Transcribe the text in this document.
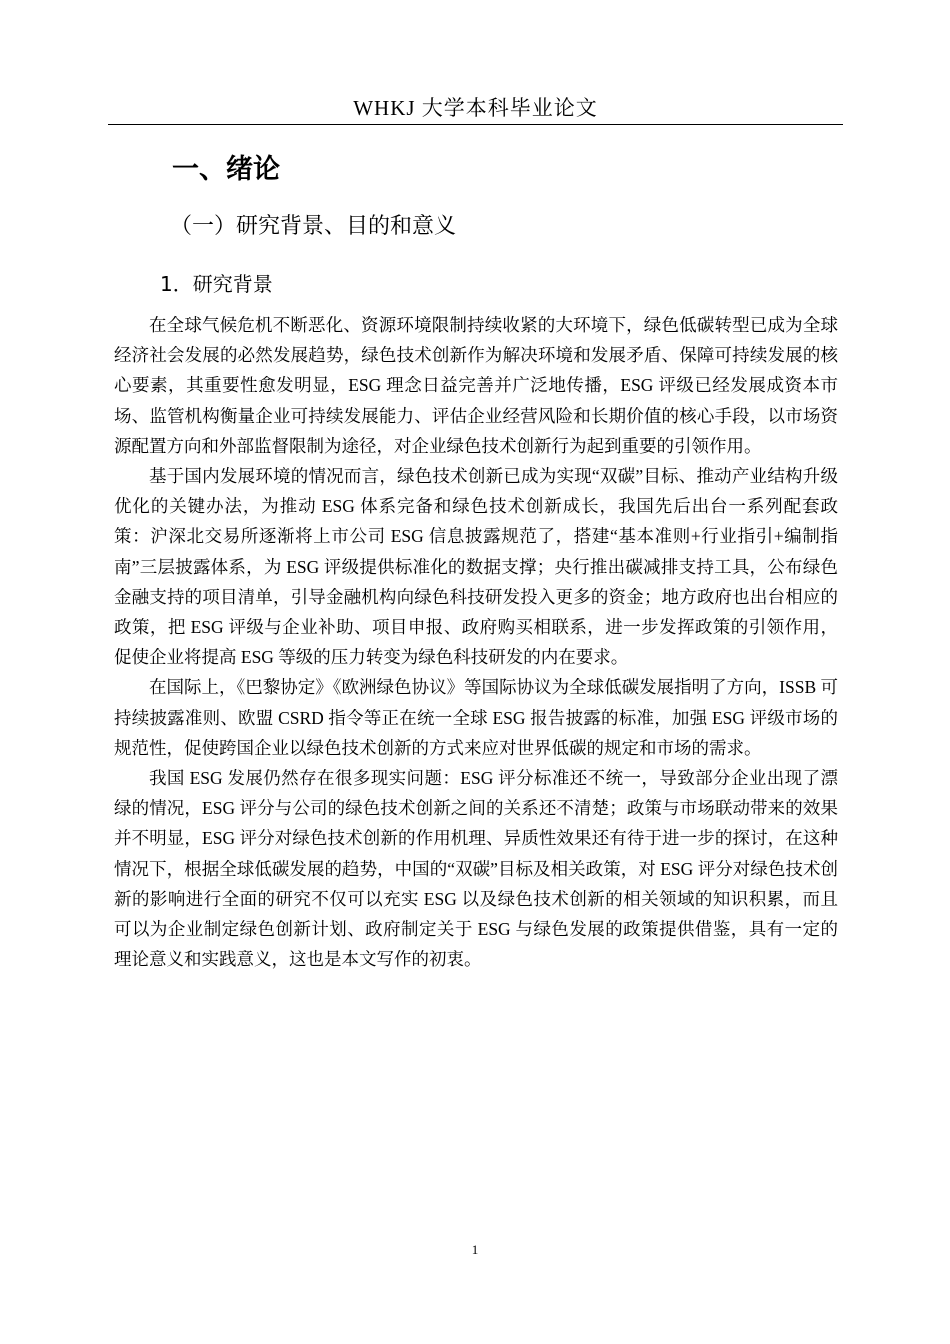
WHKJ 大学本科毕业论文
一、绪论
（一）研究背景、目的和意义
1．研究背景

在全球气候危机不断恶化、资源环境限制持续收紧的大环境下，绿色低碳转型已成为全球经济社会发展的必然发展趋势，绿色技术创新作为解决环境和发展矛盾、保障可持续发展的核心要素，其重要性愈发明显，ESG 理念日益完善并广泛地传播，ESG 评级已经发展成资本市场、监管机构衡量企业可持续发展能力、评估企业经营风险和长期价值的核心手段，以市场资源配置方向和外部监督限制为途径，对企业绿色技术创新行为起到重要的引领作用。

基于国内发展环境的情况而言，绿色技术创新已成为实现“双碳”目标、推动产业结构升级优化的关键办法，为推动 ESG 体系完备和绿色技术创新成长，我国先后出台一系列配套政策：沪深北交易所逐渐将上市公司 ESG 信息披露规范了，搭建“基本准则+行业指引+编制指南”三层披露体系，为 ESG 评级提供标准化的数据支撑；央行推出碳减排支持工具，公布绿色金融支持的项目清单，引导金融机构向绿色科技研发投入更多的资金；地方政府也出台相应的政策，把 ESG 评级与企业补助、项目申报、政府购买相联系，进一步发挥政策的引领作用，促使企业将提高 ESG 等级的压力转变为绿色科技研发的内在要求。

在国际上，《巴黎协定》《欧洲绿色协议》等国际协议为全球低碳发展指明了方向，ISSB 可持续披露准则、欧盟 CSRD 指令等正在统一全球 ESG 报告披露的标准，加强 ESG 评级市场的规范性，促使跨国企业以绿色技术创新的方式来应对世界低碳的规定和市场的需求。

我国 ESG 发展仍然存在很多现实问题：ESG 评分标准还不统一，导致部分企业出现了漂绿的情况，ESG 评分与公司的绿色技术创新之间的关系还不清楚；政策与市场联动带来的效果并不明显，ESG 评分对绿色技术创新的作用机理、异质性效果还有待于进一步的探讨，在这种情况下，根据全球低碳发展的趋势，中国的“双碳”目标及相关政策，对 ESG 评分对绿色技术创新的影响进行全面的研究不仅可以充实 ESG 以及绿色技术创新的相关领域的知识积累，而且可以为企业制定绿色创新计划、政府制定关于 ESG 与绿色发展的政策提供借鉴，具有一定的理论意义和实践意义，这也是本文写作的初衷。

1
